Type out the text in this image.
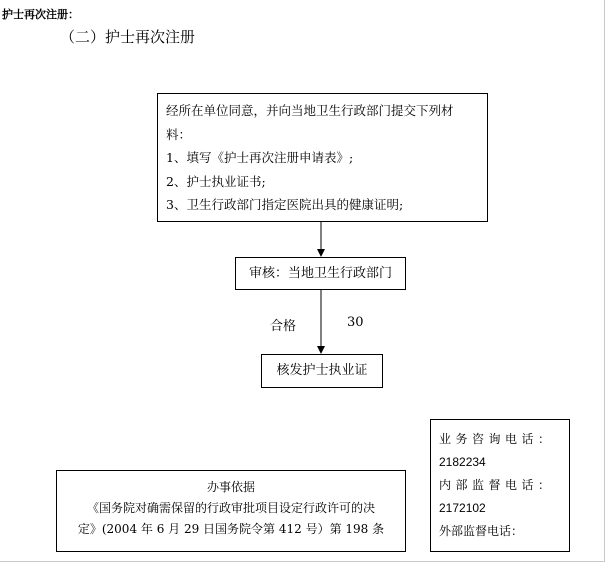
护士再次注册：
（二）护士再次注册
经所在单位同意，并向当地卫生行政部门提交下列材
料：
1、填写《护士再次注册申请表》;
2、护士执业证书;
3、卫生行政部门指定医院出具的健康证明;
审核：当地卫生行政部门
合格	30
核发护士执业证
办事依据
《国务院对确需保留的行政审批项目设定行政许可的决
定》(2004 年 6 月 29 日国务院令第 412 号）第 198 条
业务咨询电话：
2182234
内部监督电话：
2172102
外部监督电话：
